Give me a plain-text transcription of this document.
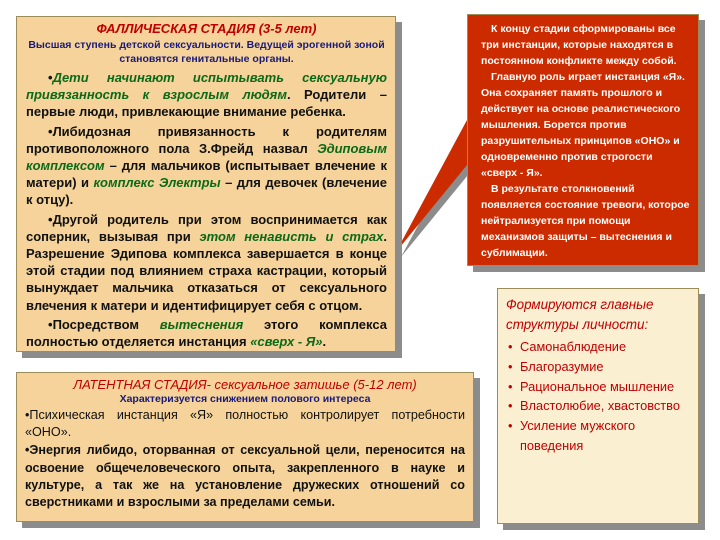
ФАЛЛИЧЕСКАЯ СТАДИЯ (3-5 лет)
Высшая ступень детской сексуальности. Ведущей эрогенной зоной становятся генитальные органы.

•Дети начинают испытывать сексуальную привязанность к взрослым людям. Родители – первые люди, привлекающие внимание ребенка.

•Либидозная привязанность к родителям противоположного пола З.Фрейд назвал Эдиповым комплексом – для мальчиков (испытывает влечение к матери) и комплекс Электры – для девочек (влечение к отцу).

•Другой родитель при этом воспринимается как соперник, вызывая при этом ненависть и страх. Разрешение Эдипова комплекса завершается в конце этой стадии под влиянием страха кастрации, который вынуждает мальчика отказаться от сексуального влечения к матери и идентифицирует себя с отцом.

•Посредством вытеснения этого комплекса полностью отделяется инстанция «сверх - Я».

ЛАТЕНТНАЯ СТАДИЯ- сексуальное затишье (5-12 лет)
Характеризуется снижением полового интереса

•Психическая инстанция «Я» полностью контролирует потребности «ОНО».

•Энергия либидо, оторванная от сексуальной цели, переносится на освоение общечеловеческого опыта, закрепленного в науке и культуре, а так же на установление дружеских отношений со сверстниками и взрослыми за пределами семьи.

К концу стадии сформированы все три инстанции, которые находятся в постоянном конфликте между собой.

Главную роль играет инстанция «Я». Она сохраняет память прошлого и действует на основе реалистического мышления. Борется против разрушительных принципов «ОНО» и одновременно против строгости «сверх - Я».

В результате столкновений появляется состояние тревоги, которое нейтрализуется при помощи механизмов защиты – вытеснения и сублимации.

Формируются главные структуры личности:
• Самонаблюдение
• Благоразумие
• Рациональное мышление
• Властолюбие, хвастовство
• Усиление мужского поведения
